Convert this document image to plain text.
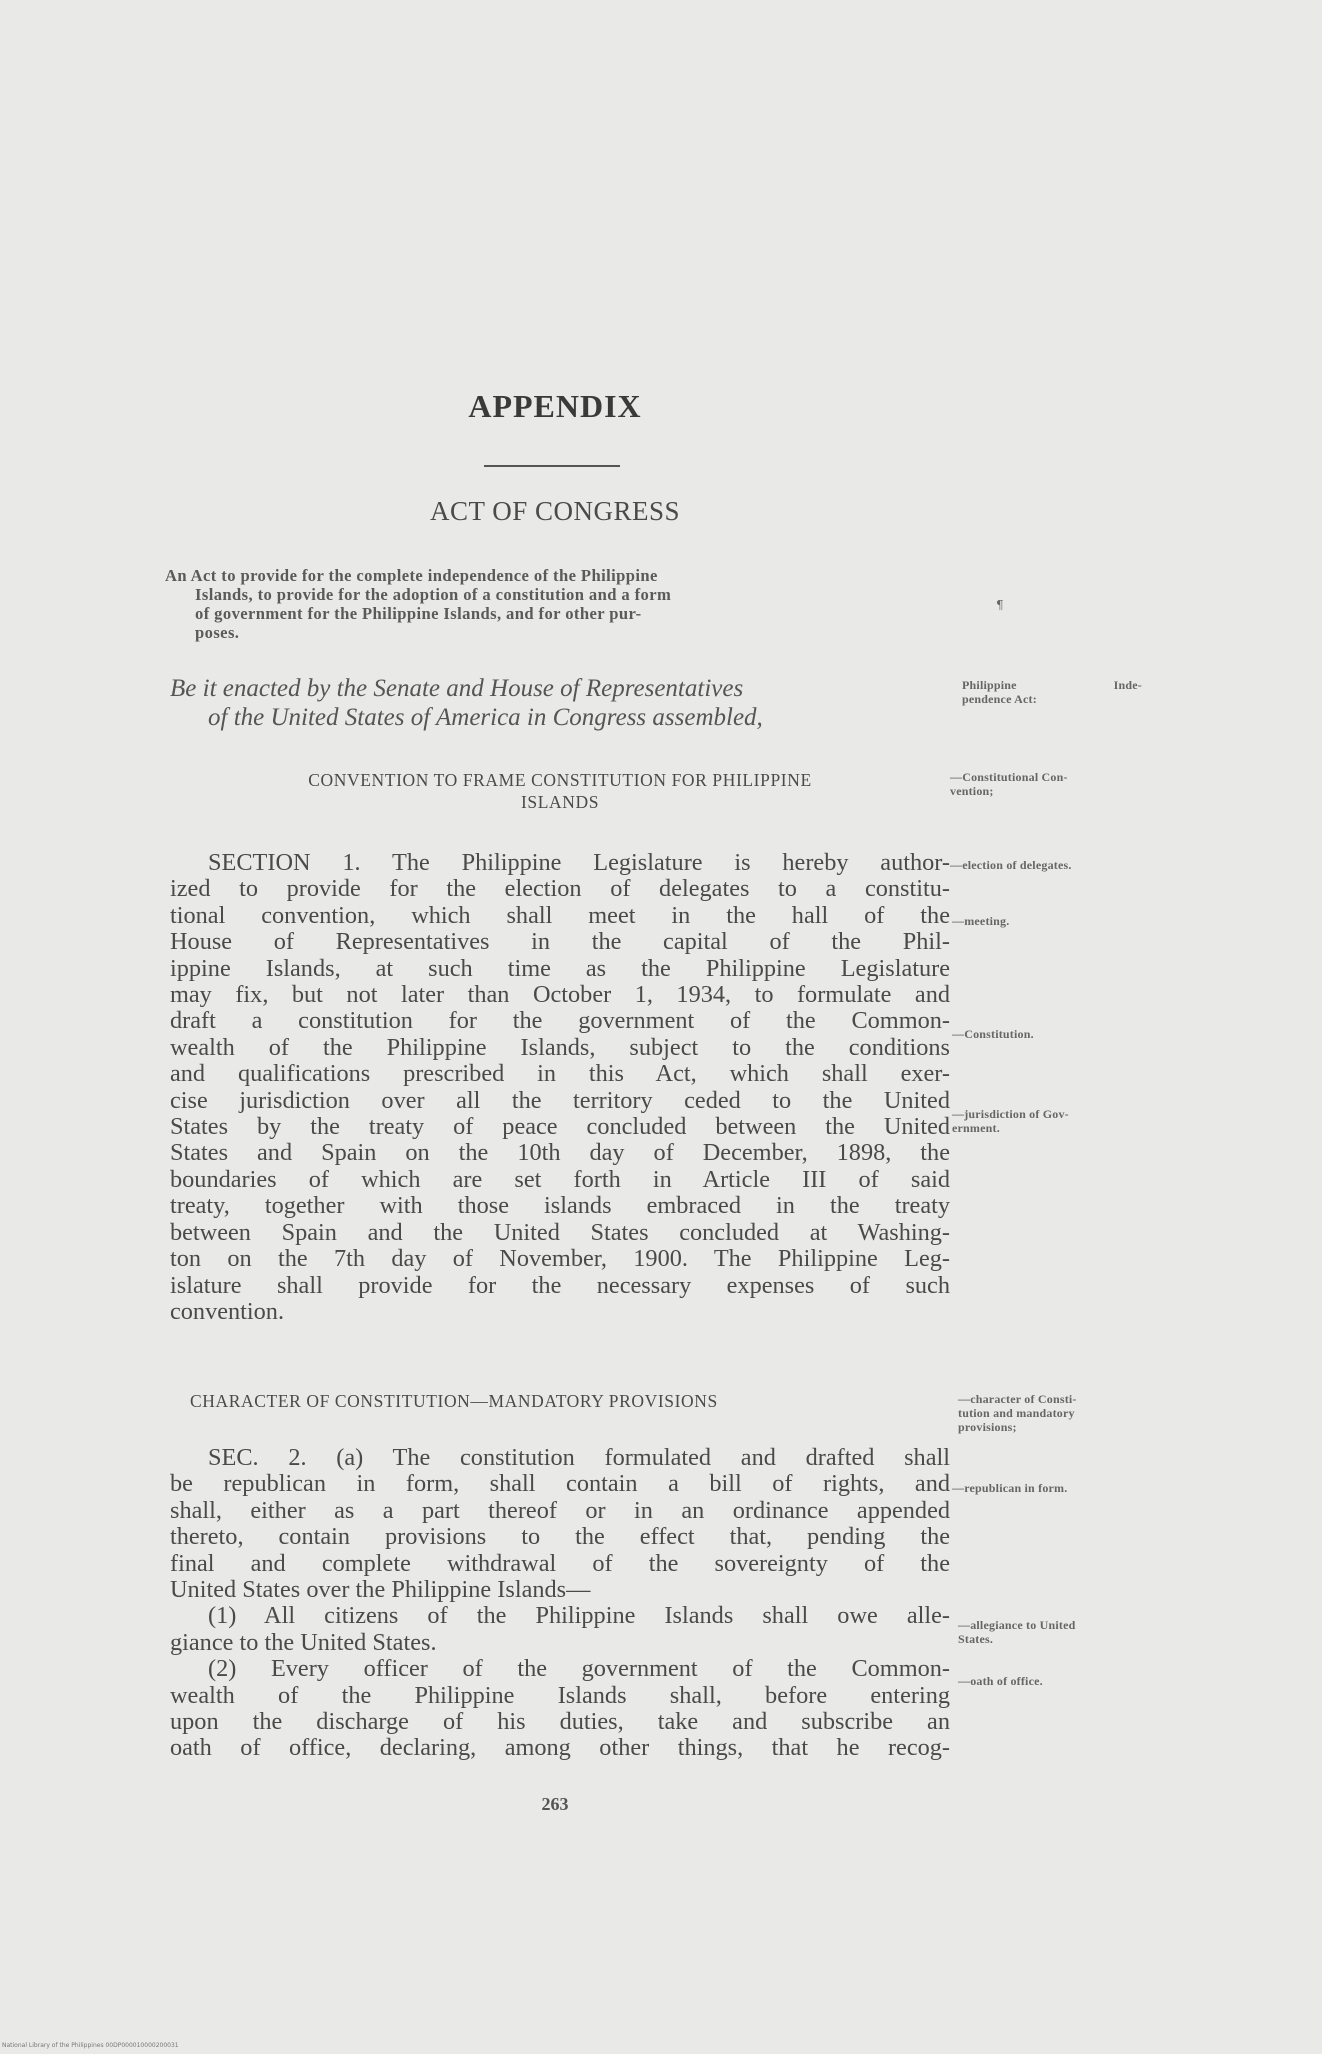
APPENDIX
ACT OF CONGRESS
An Act to provide for the complete independence of the Philippine
Islands, to provide for the adoption of a constitution and a form
of government for the Philippine Islands, and for other pur-
poses.
¶
Be it enacted by the Senate and House of Representatives
of the United States of America in Congress assembled,
Philippine	Inde-
pendence Act:
CONVENTION TO FRAME CONSTITUTION FOR PHILIPPINE
ISLANDS
—Constitutional Con-
vention;
SECTION 1. The Philippine Legislature is hereby author-
ized to provide for the election of delegates to a constitu-
tional convention, which shall meet in the hall of the
House of Representatives in the capital of the Phil-
ippine Islands, at such time as the Philippine Legislature
may fix, but not later than October 1, 1934, to formulate and
draft a constitution for the government of the Common-
wealth of the Philippine Islands, subject to the conditions
and qualifications prescribed in this Act, which shall exer-
cise jurisdiction over all the territory ceded to the United
States by the treaty of peace concluded between the United
States and Spain on the 10th day of December, 1898, the
boundaries of which are set forth in Article III of said
treaty, together with those islands embraced in the treaty
between Spain and the United States concluded at Washing-
ton on the 7th day of November, 1900. The Philippine Leg-
islature shall provide for the necessary expenses of such
convention.
—election of delegates.
—meeting.
—Constitution.
—jurisdiction of Gov-
ernment.
CHARACTER OF CONSTITUTION—MANDATORY PROVISIONS	—character of Consti-
tution and mandatory
provisions;
SEC. 2. (a) The constitution formulated and drafted shall
be republican in form, shall contain a bill of rights, and
shall, either as a part thereof or in an ordinance appended
thereto, contain provisions to the effect that, pending the
final and complete withdrawal of the sovereignty of the
United States over the Philippine Islands—
(1) All citizens of the Philippine Islands shall owe alle-
giance to the United States.
(2) Every officer of the government of the Common-
wealth of the Philippine Islands shall, before entering
upon the discharge of his duties, take and subscribe an
oath of office, declaring, among other things, that he recog-
—republican in form.
—allegiance to United
States.
—oath of office.
263
National Library of the Philippines 00DP000010000200031
